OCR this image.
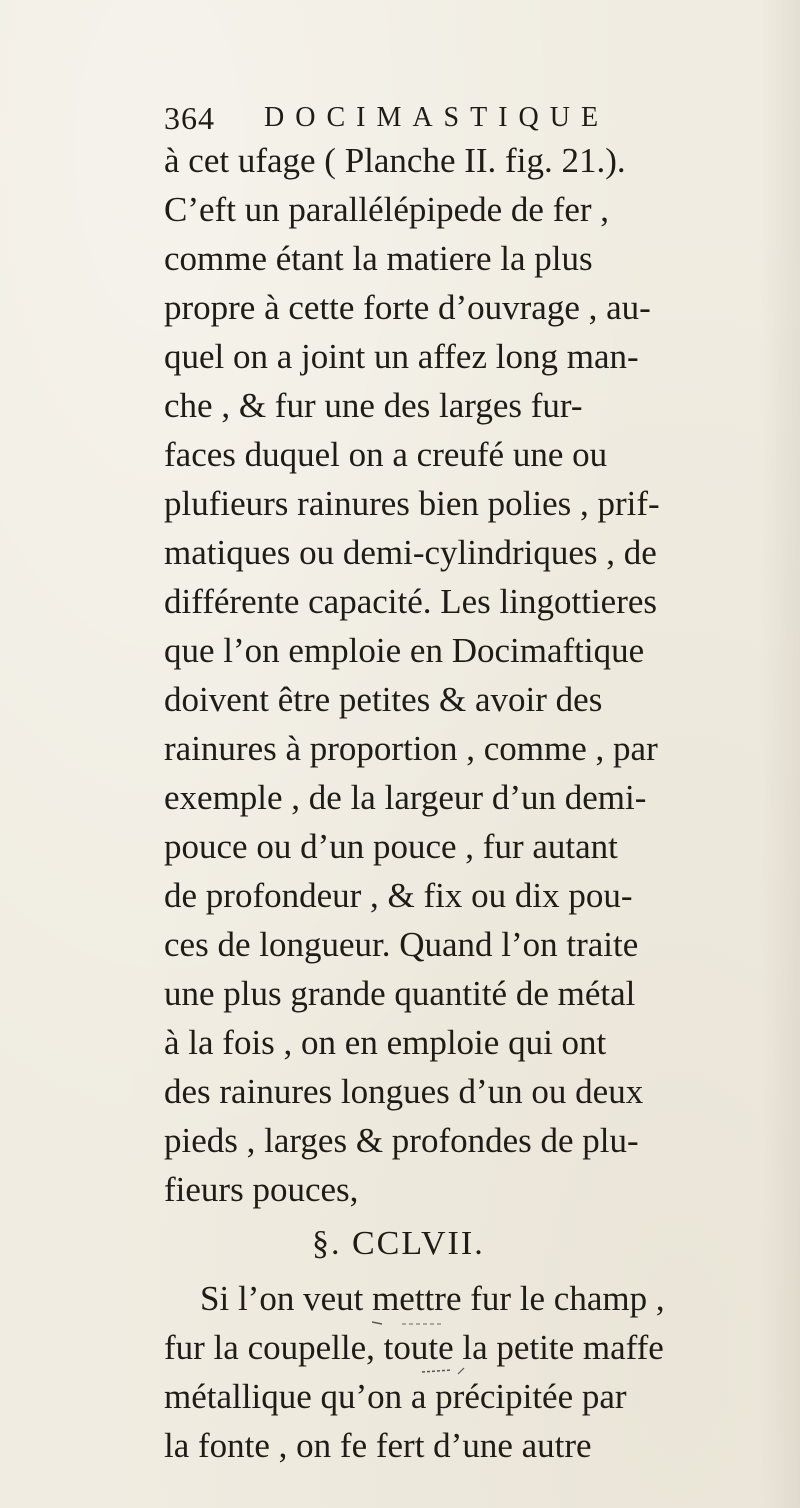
364 DOCIMASTIQUE
à cet ufage ( Planche II. fig. 21.).
C’eft un parallélépipede de fer ,
comme étant la matiere la plus
propre à cette forte d’ouvrage , au-
quel on a joint un affez long man-
che , & fur une des larges fur-
faces duquel on a creufé une ou
plufieurs rainures bien polies , prif-
matiques ou demi-cylindriques , de
différente capacité. Les lingottieres
que l’on emploie en Docimaftique
doivent être petites & avoir des
rainures à proportion , comme , par
exemple , de la largeur d’un demi-
pouce ou d’un pouce , fur autant
de profondeur , & fix ou dix pou-
ces de longueur. Quand l’on traite
une plus grande quantité de métal
à la fois , on en emploie qui ont
des rainures longues d’un ou deux
pieds , larges & profondes de plu-
fieurs pouces,
§. CCLVII.
Si l’on veut mettre fur le champ ,
fur la coupelle, toute la petite maffe
métallique qu’on a précipitée par
la fonte , on fe fert d’une autre
